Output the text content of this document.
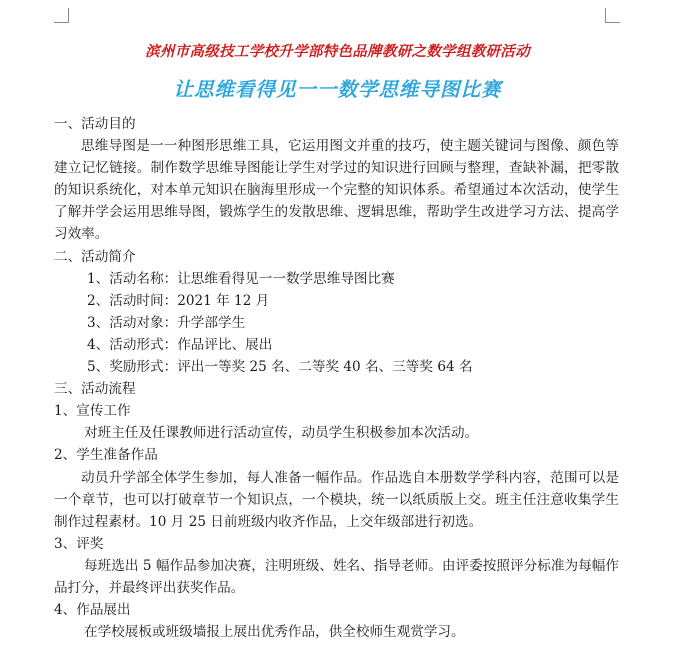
滨州市高级技工学校升学部特色品牌教研之数学组教研活动
让思维看得见一一数学思维导图比赛
一、活动目的
思维导图是一一种图形思维工具，它运用图文并重的技巧，使主题关键词与图像、颜色等建立记忆链接。制作数学思维导图能让学生对学过的知识进行回顾与整理，查缺补漏，把零散的知识系统化，对本单元知识在脑海里形成一个完整的知识体系。希望通过本次活动，使学生了解并学会运用思维导图，锻炼学生的发散思维、逻辑思维，帮助学生改进学习方法、提高学习效率。
二、活动简介
1、活动名称：让思维看得见一一数学思维导图比赛
2、活动时间：2021 年 12 月
3、活动对象：升学部学生
4、活动形式：作品评比、展出
5、奖励形式：评出一等奖 25 名、二等奖 40 名、三等奖 64 名
三、活动流程
1、宣传工作
对班主任及任课教师进行活动宣传，动员学生积极参加本次活动。
2、学生准备作品
动员升学部全体学生参加，每人准备一幅作品。作品选自本册数学学科内容，范围可以是一个章节，也可以打破章节一个知识点，一个模块，统一以纸质版上交。班主任注意收集学生制作过程素材。10 月 25 日前班级内收齐作品，上交年级部进行初选。
3、评奖
每班选出 5 幅作品参加决赛，注明班级、姓名、指导老师。由评委按照评分标准为每幅作品打分，并最终评出获奖作品。
4、作品展出
在学校展板或班级墙报上展出优秀作品，供全校师生观赏学习。
